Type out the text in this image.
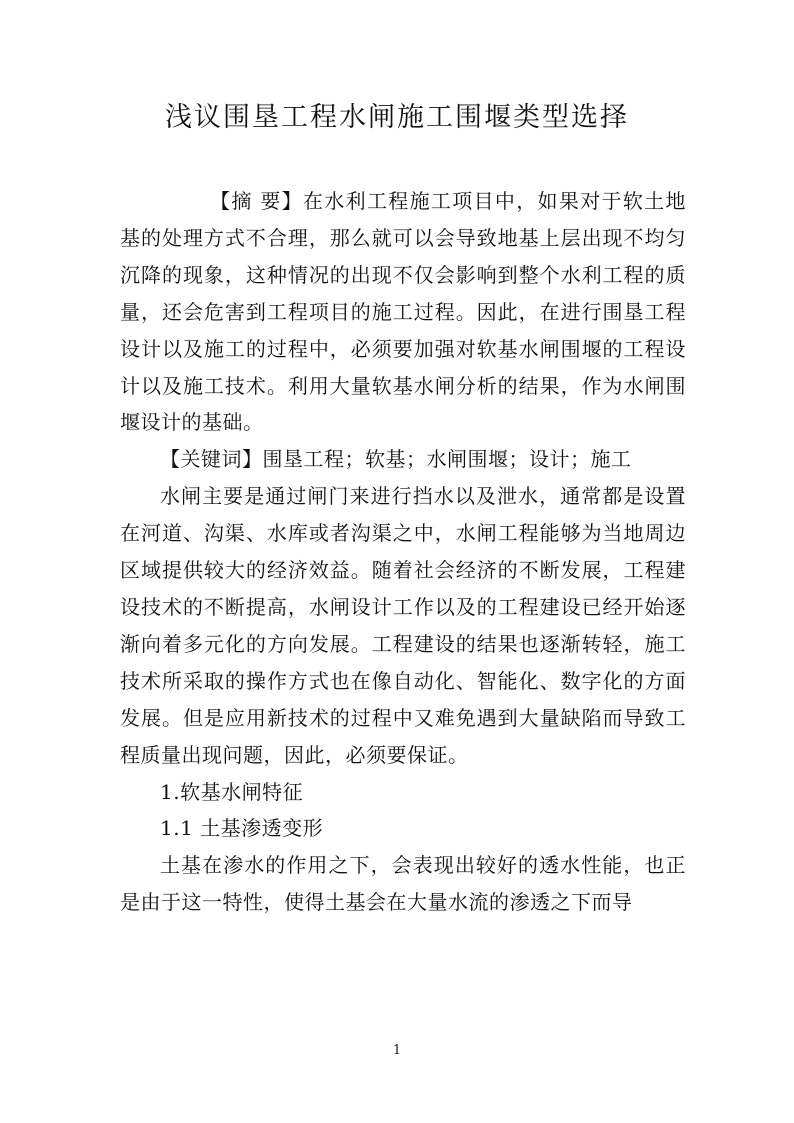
浅议围垦工程水闸施工围堰类型选择

【摘 要】在水利工程施工项目中，如果对于软土地基的处理方式不合理，那么就可以会导致地基上层出现不均匀沉降的现象，这种情况的出现不仅会影响到整个水利工程的质量，还会危害到工程项目的施工过程。因此，在进行围垦工程设计以及施工的过程中，必须要加强对软基水闸围堰的工程设计以及施工技术。利用大量软基水闸分析的结果，作为水闸围堰设计的基础。

【关键词】围垦工程；软基；水闸围堰；设计；施工

水闸主要是通过闸门来进行挡水以及泄水，通常都是设置在河道、沟渠、水库或者沟渠之中，水闸工程能够为当地周边区域提供较大的经济效益。随着社会经济的不断发展，工程建设技术的不断提高，水闸设计工作以及的工程建设已经开始逐渐向着多元化的方向发展。工程建设的结果也逐渐转轻，施工技术所采取的操作方式也在像自动化、智能化、数字化的方面发展。但是应用新技术的过程中又难免遇到大量缺陷而导致工程质量出现问题，因此，必须要保证。

1.软基水闸特征

1.1 土基渗透变形

土基在渗水的作用之下，会表现出较好的透水性能，也正是由于这一特性，使得土基会在大量水流的渗透之下而导

1
